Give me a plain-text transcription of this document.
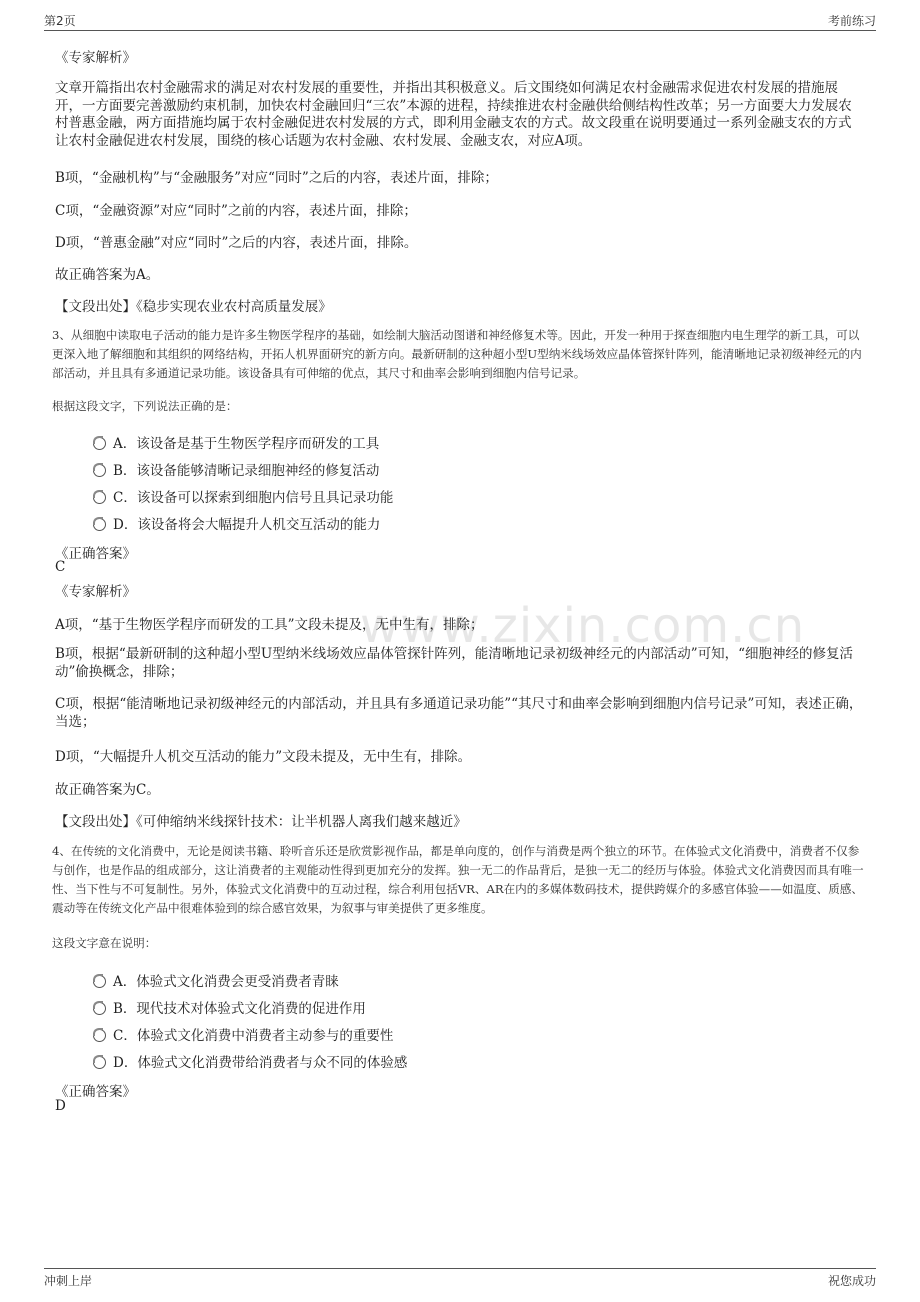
第2页	考前练习
www.zixin.com.cn
《专家解析》
文章开篇指出农村金融需求的满足对农村发展的重要性，并指出其积极意义。后文围绕如何满足农村金融需求促进农村发展的措施展开，一方面要完善激励约束机制，加快农村金融回归“三农”本源的进程，持续推进农村金融供给侧结构性改革；另一方面要大力发展农村普惠金融，两方面措施均属于农村金融促进农村发展的方式，即利用金融支农的方式。故文段重在说明要通过一系列金融支农的方式让农村金融促进农村发展，围绕的核心话题为农村金融、农村发展、金融支农，对应A项。
B项，“金融机构”与“金融服务”对应“同时”之后的内容，表述片面，排除；
C项，“金融资源”对应“同时”之前的内容，表述片面，排除；
D项，“普惠金融”对应“同时”之后的内容，表述片面，排除。
故正确答案为A。
【文段出处】《稳步实现农业农村高质量发展》
3、从细胞中读取电子活动的能力是许多生物医学程序的基础，如绘制大脑活动图谱和神经修复术等。因此，开发一种用于探查细胞内电生理学的新工具，可以更深入地了解细胞和其组织的网络结构，开拓人机界面研究的新方向。最新研制的这种超小型U型纳米线场效应晶体管探针阵列，能清晰地记录初级神经元的内部活动，并且具有多通道记录功能。该设备具有可伸缩的优点，其尺寸和曲率会影响到细胞内信号记录。
根据这段文字，下列说法正确的是：
A．该设备是基于生物医学程序而研发的工具
B．该设备能够清晰记录细胞神经的修复活动
C．该设备可以探索到细胞内信号且具记录功能
D．该设备将会大幅提升人机交互活动的能力
《正确答案》
C
《专家解析》
A项，“基于生物医学程序而研发的工具”文段未提及，无中生有，排除；
B项，根据“最新研制的这种超小型U型纳米线场效应晶体管探针阵列，能清晰地记录初级神经元的内部活动”可知，“细胞神经的修复活动”偷换概念，排除；
C项，根据“能清晰地记录初级神经元的内部活动，并且具有多通道记录功能”“其尺寸和曲率会影响到细胞内信号记录”可知，表述正确，当选；
D项，“大幅提升人机交互活动的能力”文段未提及，无中生有，排除。
故正确答案为C。
【文段出处】《可伸缩纳米线探针技术：让半机器人离我们越来越近》
4、在传统的文化消费中，无论是阅读书籍、聆听音乐还是欣赏影视作品，都是单向度的，创作与消费是两个独立的环节。在体验式文化消费中，消费者不仅参与创作，也是作品的组成部分，这让消费者的主观能动性得到更加充分的发挥。独一无二的作品背后，是独一无二的经历与体验。体验式文化消费因而具有唯一性、当下性与不可复制性。另外，体验式文化消费中的互动过程，综合利用包括VR、AR在内的多媒体数码技术，提供跨媒介的多感官体验——如温度、质感、震动等在传统文化产品中很难体验到的综合感官效果，为叙事与审美提供了更多维度。
这段文字意在说明：
A．体验式文化消费会更受消费者青睐
B．现代技术对体验式文化消费的促进作用
C．体验式文化消费中消费者主动参与的重要性
D．体验式文化消费带给消费者与众不同的体验感
《正确答案》
D
冲刺上岸	祝您成功
